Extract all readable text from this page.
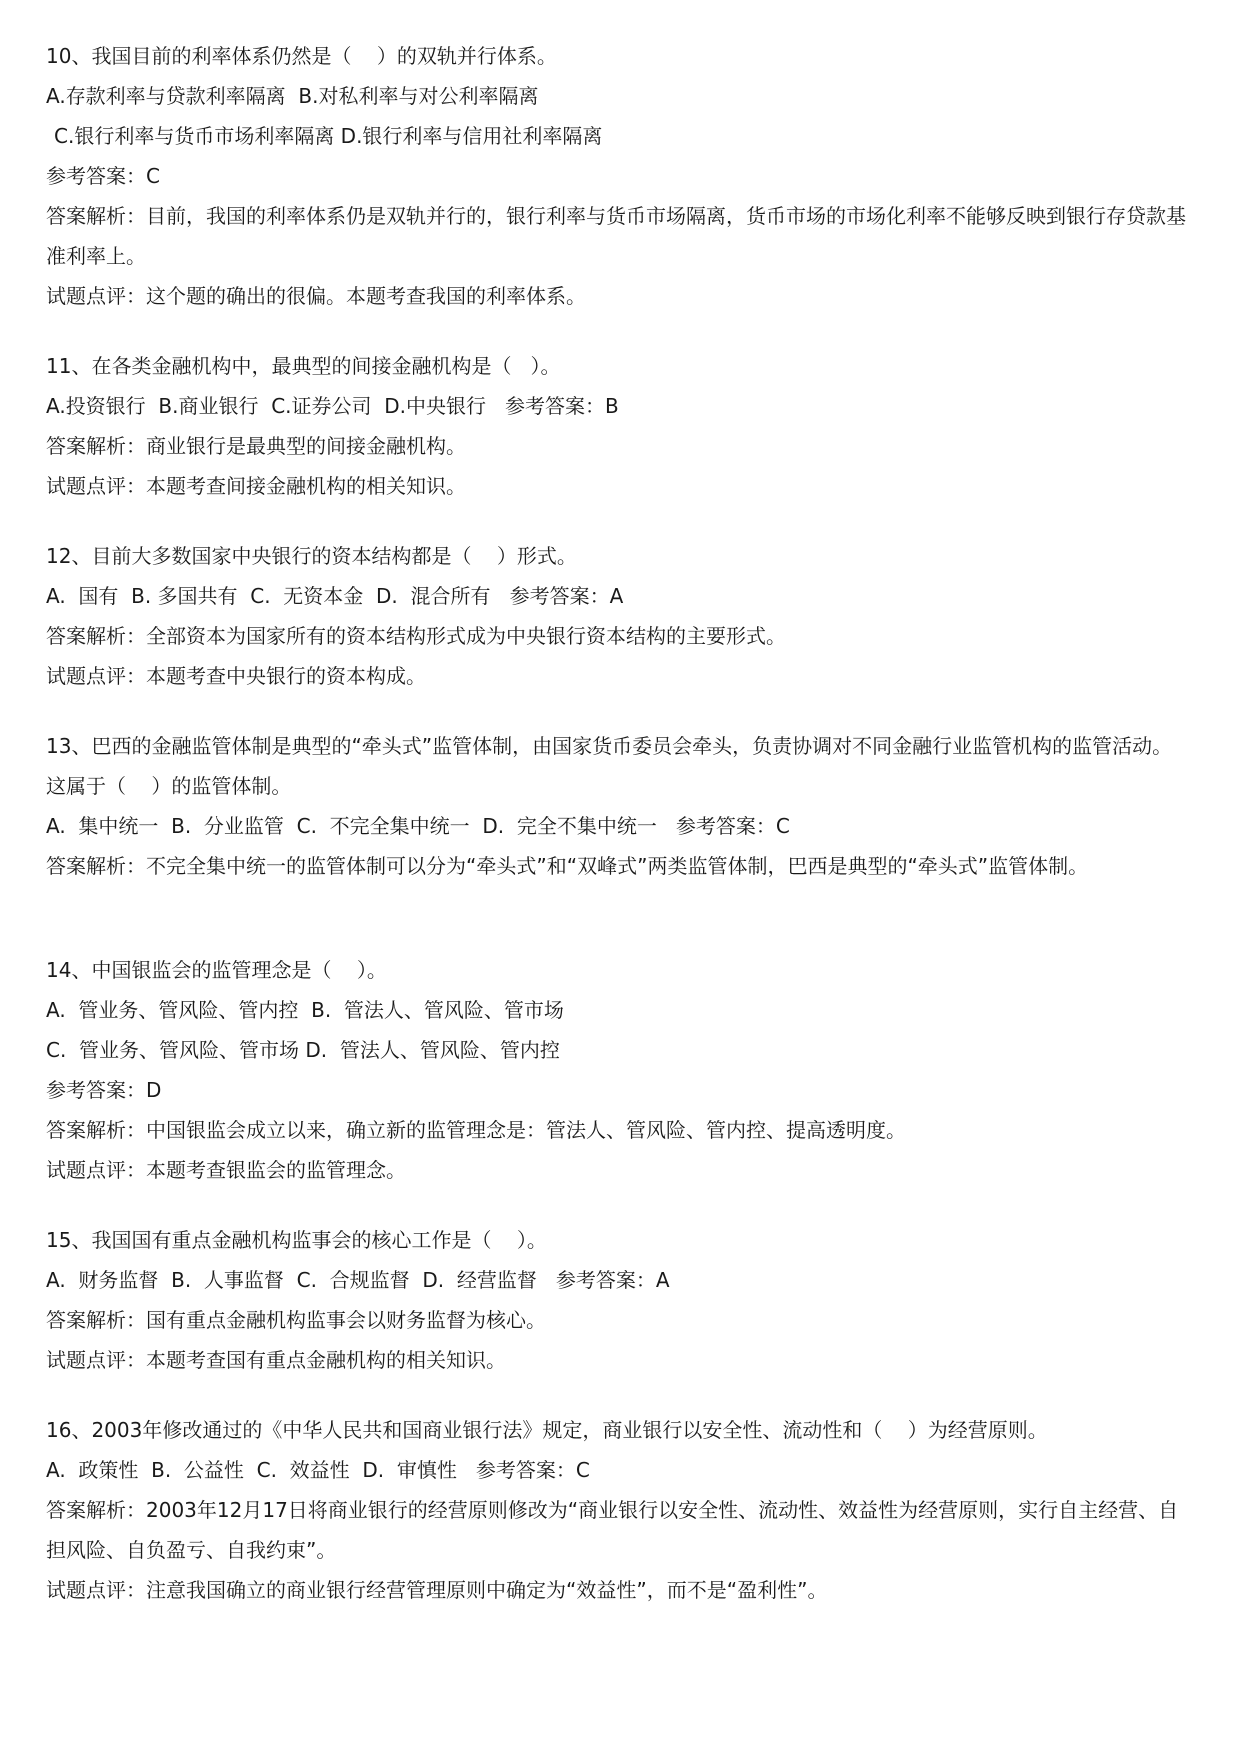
10、我国目前的利率体系仍然是（    ）的双轨并行体系。

A.存款利率与贷款利率隔离  B.对私利率与对公利率隔离

C.银行利率与货币市场利率隔离 D.银行利率与信用社利率隔离

参考答案：C

答案解析：目前，我国的利率体系仍是双轨并行的，银行利率与货币市场隔离，货币市场的市场化利率不能够反映到银行存贷款基准利率上。

试题点评：这个题的确出的很偏。本题考查我国的利率体系。

11、在各类金融机构中，最典型的间接金融机构是（   ）。

A.投资银行  B.商业银行  C.证券公司  D.中央银行   参考答案：B

答案解析：商业银行是最典型的间接金融机构。

试题点评：本题考查间接金融机构的相关知识。

12、目前大多数国家中央银行的资本结构都是（    ）形式。

A.  国有  B. 多国共有  C.  无资本金  D.  混合所有   参考答案：A

答案解析：全部资本为国家所有的资本结构形式成为中央银行资本结构的主要形式。

试题点评：本题考查中央银行的资本构成。

13、巴西的金融监管体制是典型的“牵头式”监管体制，由国家货币委员会牵头，负责协调对不同金融行业监管机构的监管活动。这属于（    ）的监管体制。

A.  集中统一  B.  分业监管  C.  不完全集中统一  D.  完全不集中统一   参考答案：C

答案解析：不完全集中统一的监管体制可以分为“牵头式”和“双峰式”两类监管体制，巴西是典型的“牵头式”监管体制。

14、中国银监会的监管理念是（    ）。

A.  管业务、管风险、管内控  B.  管法人、管风险、管市场

C.  管业务、管风险、管市场 D.  管法人、管风险、管内控

参考答案：D

答案解析：中国银监会成立以来，确立新的监管理念是：管法人、管风险、管内控、提高透明度。

试题点评：本题考查银监会的监管理念。

15、我国国有重点金融机构监事会的核心工作是（    ）。

A.  财务监督  B.  人事监督  C.  合规监督  D.  经营监督   参考答案：A

答案解析：国有重点金融机构监事会以财务监督为核心。

试题点评：本题考查国有重点金融机构的相关知识。

16、2003年修改通过的《中华人民共和国商业银行法》规定，商业银行以安全性、流动性和（    ）为经营原则。

A.  政策性  B.  公益性  C.  效益性  D.  审慎性   参考答案：C

答案解析：2003年12月17日将商业银行的经营原则修改为“商业银行以安全性、流动性、效益性为经营原则，实行自主经营、自担风险、自负盈亏、自我约束”。

试题点评：注意我国确立的商业银行经营管理原则中确定为“效益性”，而不是“盈利性”。
